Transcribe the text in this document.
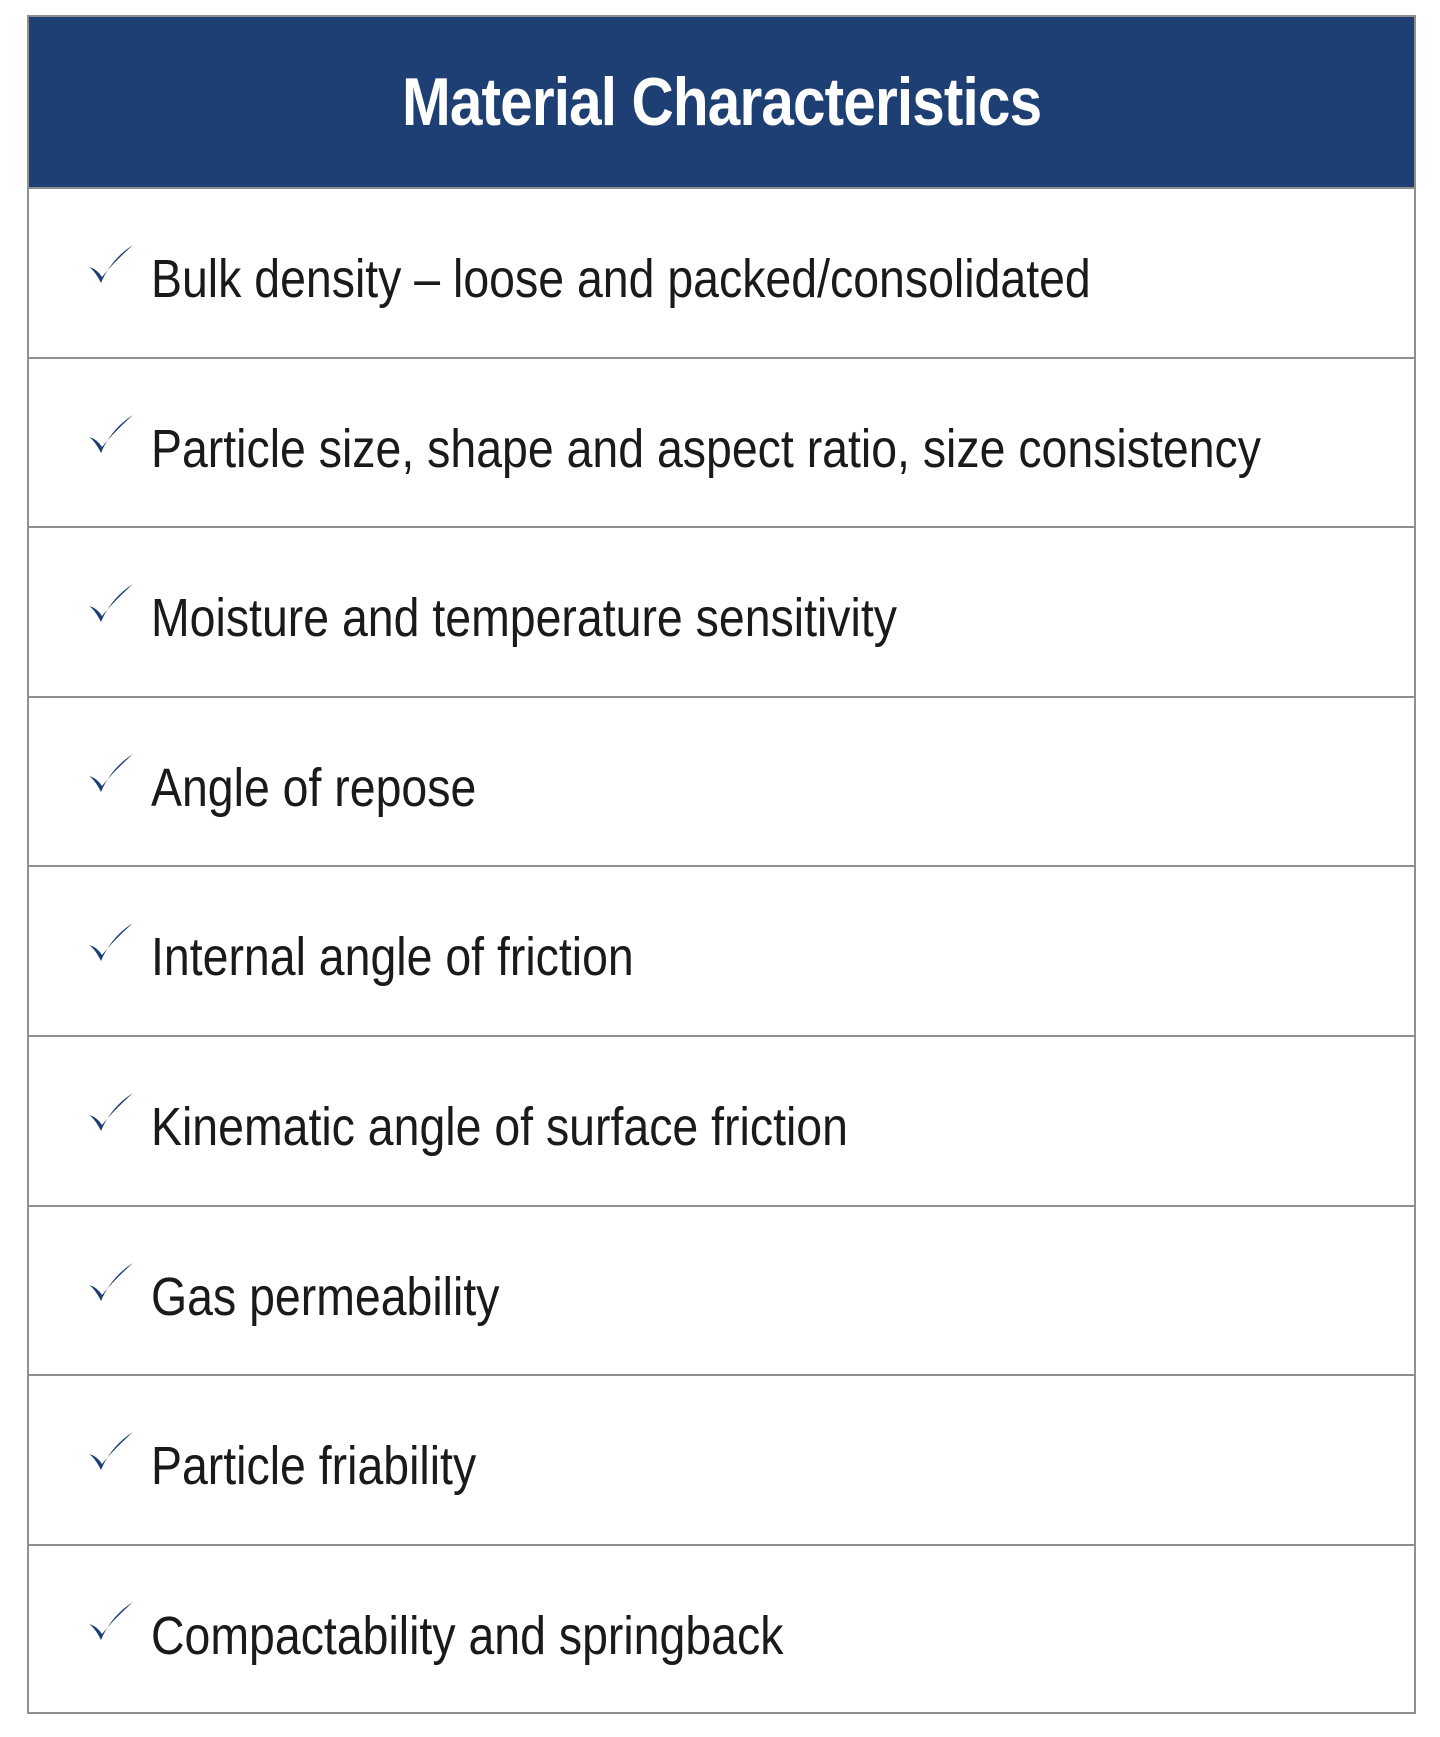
Material Characteristics
Bulk density – loose and packed/consolidated
Particle size, shape and aspect ratio, size consistency
Moisture and temperature sensitivity
Angle of repose
Internal angle of friction
Kinematic angle of surface friction
Gas permeability
Particle friability
Compactability and springback
